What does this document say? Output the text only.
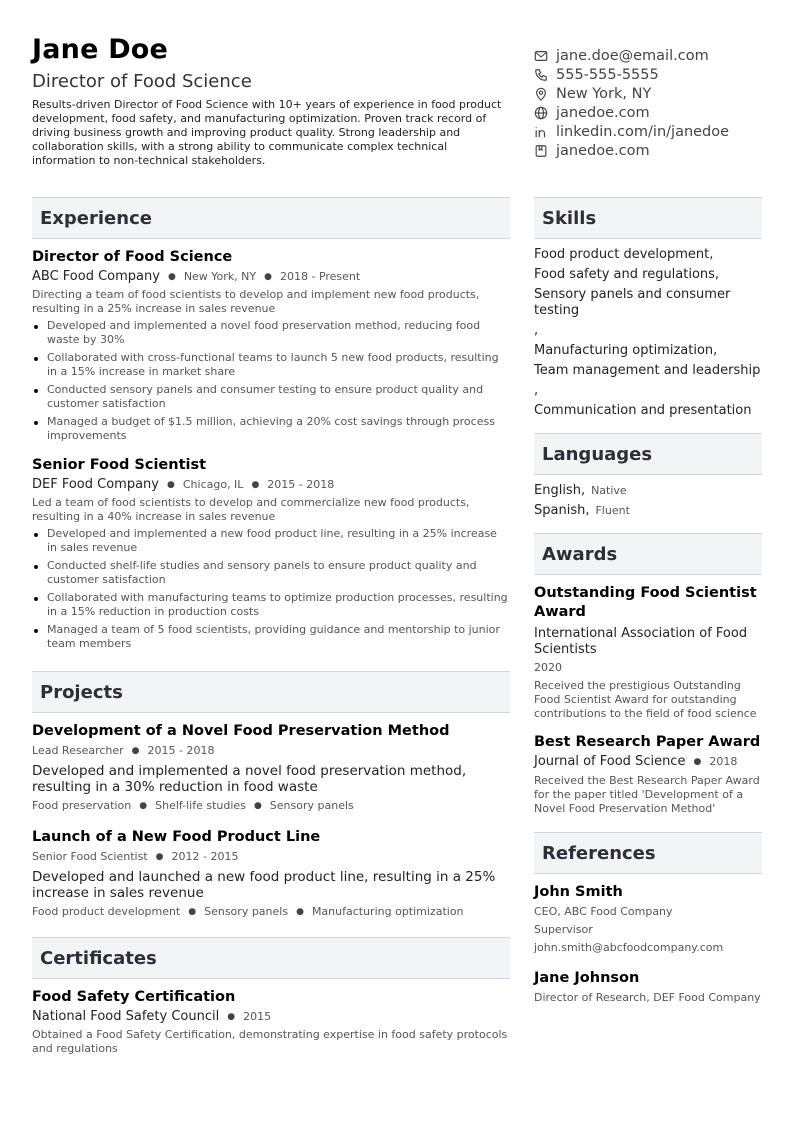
Jane Doe
Director of Food Science
Results-driven Director of Food Science with 10+ years of experience in food product development, food safety, and manufacturing optimization. Proven track record of driving business growth and improving product quality. Strong leadership and collaboration skills, with a strong ability to communicate complex technical information to non-technical stakeholders.
jane.doe@email.com
555-555-5555
New York, NY
janedoe.com
linkedin.com/in/janedoe
janedoe.com
Experience
Director of Food Science
ABC Food Company ● New York, NY ● 2018 - Present
Directing a team of food scientists to develop and implement new food products, resulting in a 25% increase in sales revenue
Developed and implemented a novel food preservation method, reducing food waste by 30%
Collaborated with cross-functional teams to launch 5 new food products, resulting in a 15% increase in market share
Conducted sensory panels and consumer testing to ensure product quality and customer satisfaction
Managed a budget of $1.5 million, achieving a 20% cost savings through process improvements
Senior Food Scientist
DEF Food Company ● Chicago, IL ● 2015 - 2018
Led a team of food scientists to develop and commercialize new food products, resulting in a 40% increase in sales revenue
Developed and implemented a new food product line, resulting in a 25% increase in sales revenue
Conducted shelf-life studies and sensory panels to ensure product quality and customer satisfaction
Collaborated with manufacturing teams to optimize production processes, resulting in a 15% reduction in production costs
Managed a team of 5 food scientists, providing guidance and mentorship to junior team members
Projects
Development of a Novel Food Preservation Method
Lead Researcher ● 2015 - 2018
Developed and implemented a novel food preservation method, resulting in a 30% reduction in food waste
Food preservation ● Shelf-life studies ● Sensory panels
Launch of a New Food Product Line
Senior Food Scientist ● 2012 - 2015
Developed and launched a new food product line, resulting in a 25% increase in sales revenue
Food product development ● Sensory panels ● Manufacturing optimization
Certificates
Food Safety Certification
National Food Safety Council ● 2015
Obtained a Food Safety Certification, demonstrating expertise in food safety protocols and regulations
Skills
Food product development,
Food safety and regulations,
Sensory panels and consumer testing
,
Manufacturing optimization,
Team management and leadership
,
Communication and presentation
Languages
English, Native
Spanish, Fluent
Awards
Outstanding Food Scientist Award
International Association of Food Scientists
2020
Received the prestigious Outstanding Food Scientist Award for outstanding contributions to the field of food science
Best Research Paper Award
Journal of Food Science ● 2018
Received the Best Research Paper Award for the paper titled 'Development of a Novel Food Preservation Method'
References
John Smith
CEO, ABC Food Company
Supervisor
john.smith@abcfoodcompany.com
Jane Johnson
Director of Research, DEF Food Company
